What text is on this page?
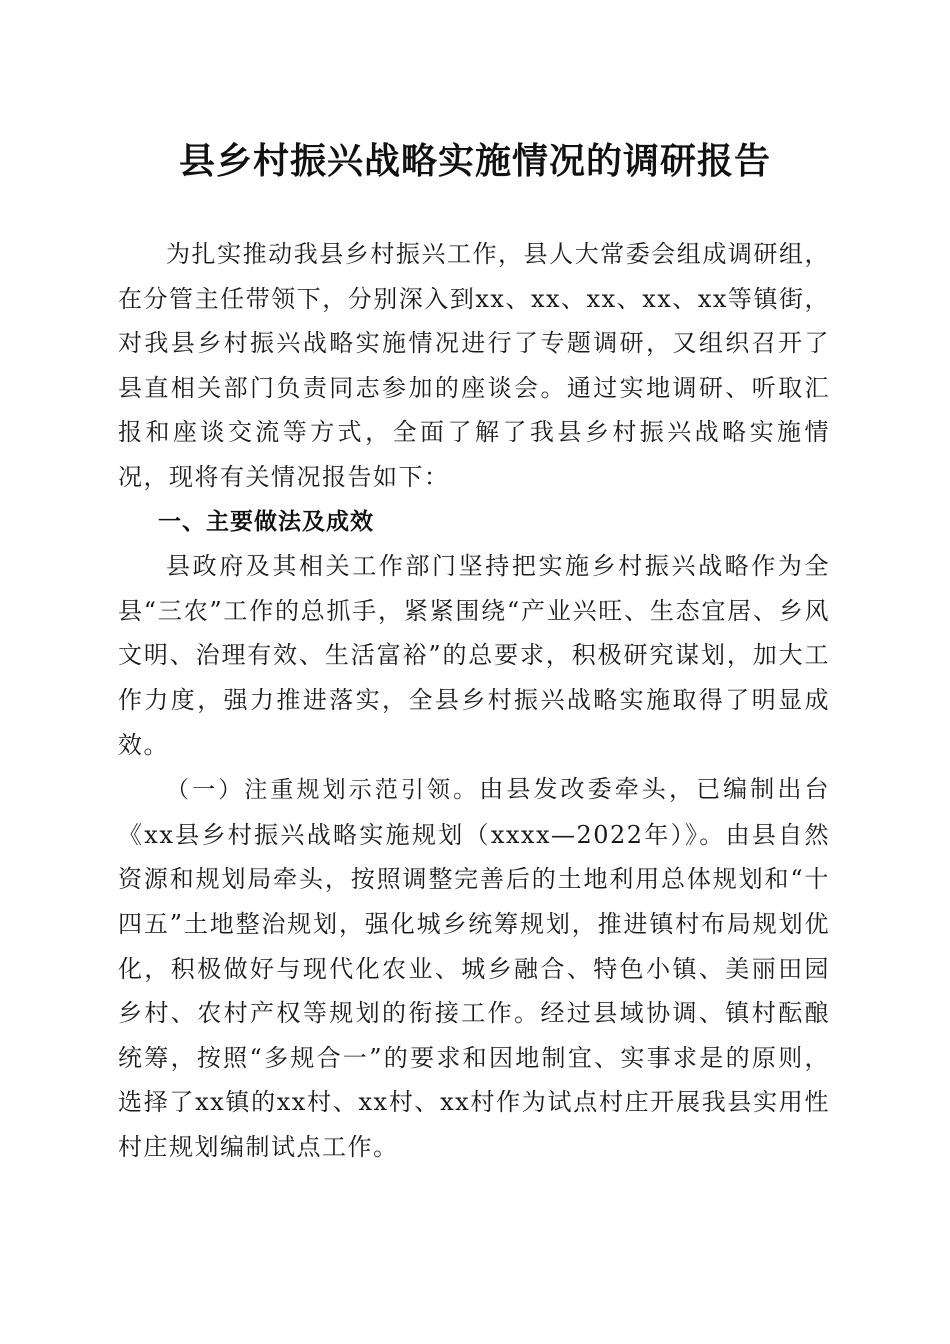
县乡村振兴战略实施情况的调研报告

为扎实推动我县乡村振兴工作，县人大常委会组成调研组，在分管主任带领下，分别深入到xx、xx、xx、xx、xx等镇街，对我县乡村振兴战略实施情况进行了专题调研，又组织召开了县直相关部门负责同志参加的座谈会。通过实地调研、听取汇报和座谈交流等方式，全面了解了我县乡村振兴战略实施情况，现将有关情况报告如下：

一、主要做法及成效

县政府及其相关工作部门坚持把实施乡村振兴战略作为全县“三农”工作的总抓手，紧紧围绕“产业兴旺、生态宜居、乡风文明、治理有效、生活富裕”的总要求，积极研究谋划，加大工作力度，强力推进落实，全县乡村振兴战略实施取得了明显成效。

（一）注重规划示范引领。由县发改委牵头，已编制出台《xx县乡村振兴战略实施规划（xxxx—2022年）》。由县自然资源和规划局牵头，按照调整完善后的土地利用总体规划和“十四五”土地整治规划，强化城乡统筹规划，推进镇村布局规划优化，积极做好与现代化农业、城乡融合、特色小镇、美丽田园乡村、农村产权等规划的衔接工作。经过县域协调、镇村酝酿统筹，按照“多规合一”的要求和因地制宜、实事求是的原则，选择了xx镇的xx村、xx村、xx村作为试点村庄开展我县实用性村庄规划编制试点工作。
